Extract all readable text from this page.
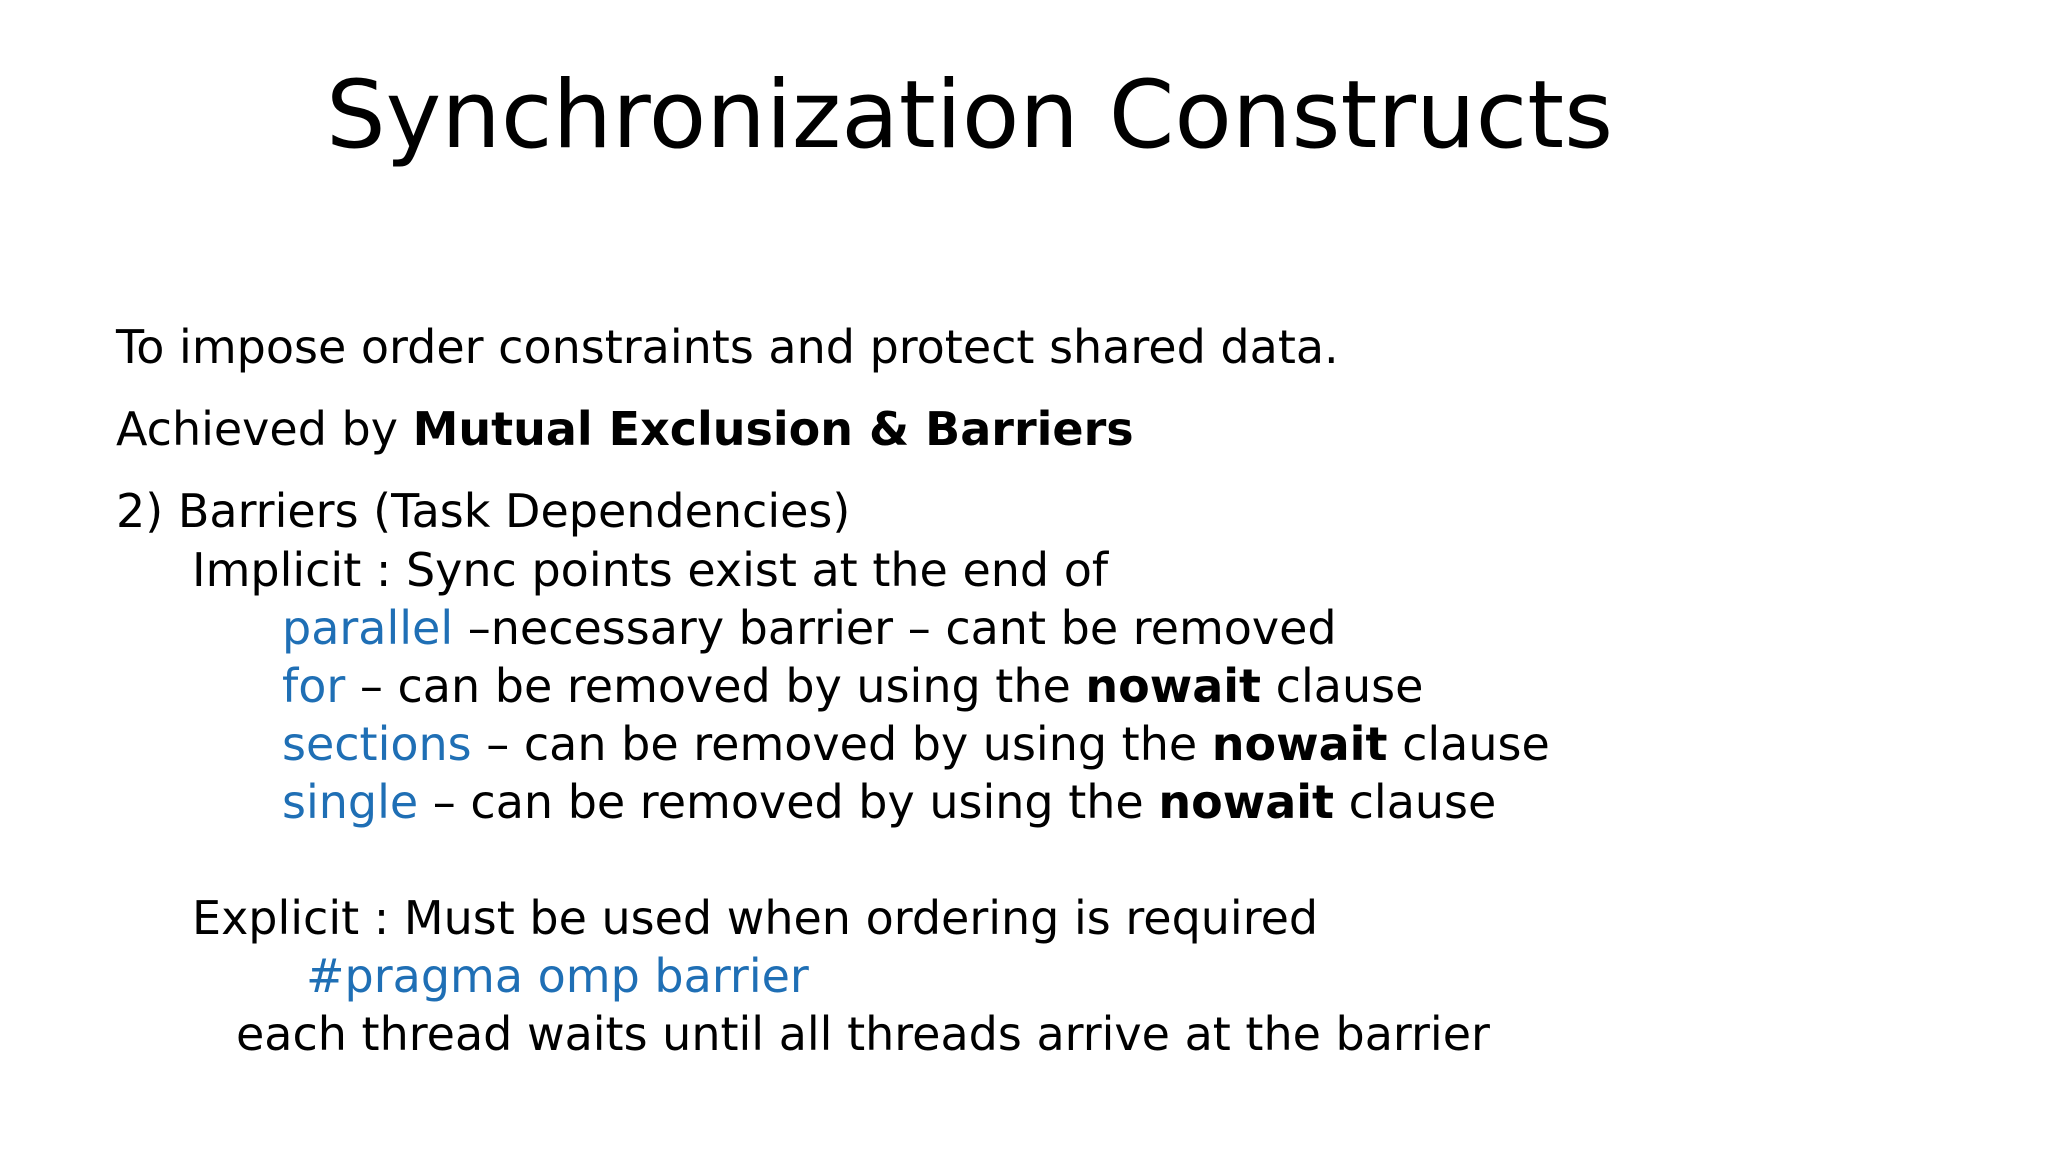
Synchronization Constructs
To impose order constraints and protect shared data.
Achieved by Mutual Exclusion & Barriers
2) Barriers (Task Dependencies)
Implicit : Sync points exist at the end of
parallel –necessary barrier – cant be removed
for – can be removed by using the nowait clause
sections – can be removed by using the nowait clause
single – can be removed by using the nowait clause
Explicit : Must be used when ordering is required
#pragma omp barrier
each thread waits until all threads arrive at the barrier
